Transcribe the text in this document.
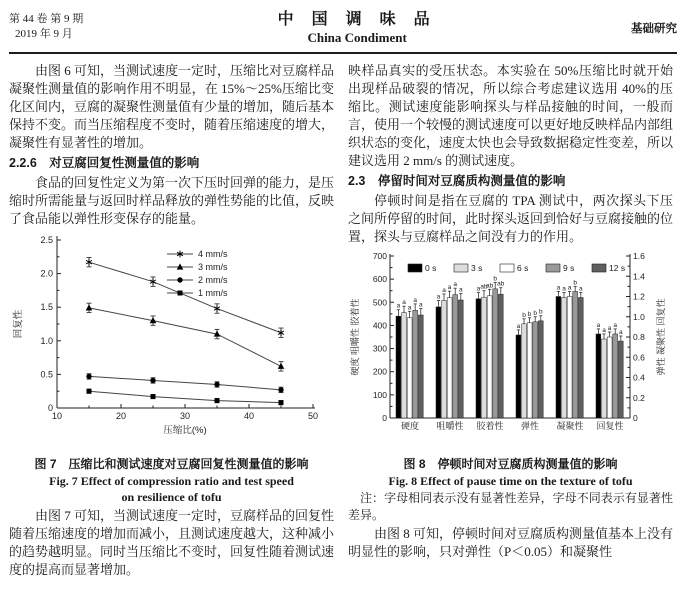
第 44 卷 第 9 期
2019 年 9 月
中 国 调 味 品
China Condiment
基础研究

由图 6 可知，当测试速度一定时，压缩比对豆腐样品凝聚性测量值的影响作用不明显，在 15%～25%压缩比变化区间内，豆腐的凝聚性测量值有少量的增加，随后基本保持不变。而当压缩程度不变时，随着压缩速度的增大，凝聚性有显著性的增加。

2.2.6　对豆腐回复性测量值的影响

食品的回复性定义为第一次下压时回弹的能力，是压缩时所需能量与返回时样品释放的弹性势能的比值，反映了食品能以弹性形变保存的能量。

0
0.5
1.0
1.5
2.0
2.5
10	20	30	40	50
压缩比(%)
回复性
4 mm/s
3 mm/s
2 mm/s
1 mm/s
图 7　压缩比和测试速度对豆腐回复性测量值的影响
Fig. 7 Effect of compression ratio and test speed
on resilience of tofu

由图 7 可知，当测试速度一定时，豆腐样品的回复性随着压缩速度的增加而减小，且测试速度越大，这种减小的趋势越明显。同时当压缩比不变时，回复性随着测试速度的提高而显著增加。

映样品真实的受压状态。本实验在 50%压缩比时就开始出现样品破裂的情况，所以综合考虑建议选用 40%的压缩比。测试速度能影响探头与样品接触的时间，一般而言，使用一个较慢的测试速度可以更好地反映样品内部组织状态的变化，速度太快也会导致数据稳定性变差，所以建议选用 2 mm/s 的测试速度。

2.3　停留时间对豆腐质构测量值的影响

停顿时间是指在豆腐的 TPA 测试中，两次探头下压之间所停留的时间，此时探头返回到恰好与豆腐接触的位置，探头与豆腐样品之间没有力的作用。

0
100
200
300
400
500
600
700
0
0.2
0.4
0.6
0.8
1.0
1.2
1.4
1.6
硬度 咀嚼性 胶着性	弹性 凝聚性 回复性
a a
a
a
a
硬度
a
a a a
a
咀嚼性
a ab
ab
b
ab
胶着性
a
b b b b
弹性
a a a
b
a
凝聚性
a
a a a
a
回复性
0 s	3 s	6 s	9 s	12 s
图 8　停顿时间对豆腐质构测量值的影响
Fig. 8 Effect of pause time on the texture of tofu
注：字母相同表示没有显著性差异，字母不同表示有显著性差异。

由图 8 可知，停顿时间对豆腐质构测量值基本上没有明显性的影响，只对弹性（P＜0.05）和凝聚性
